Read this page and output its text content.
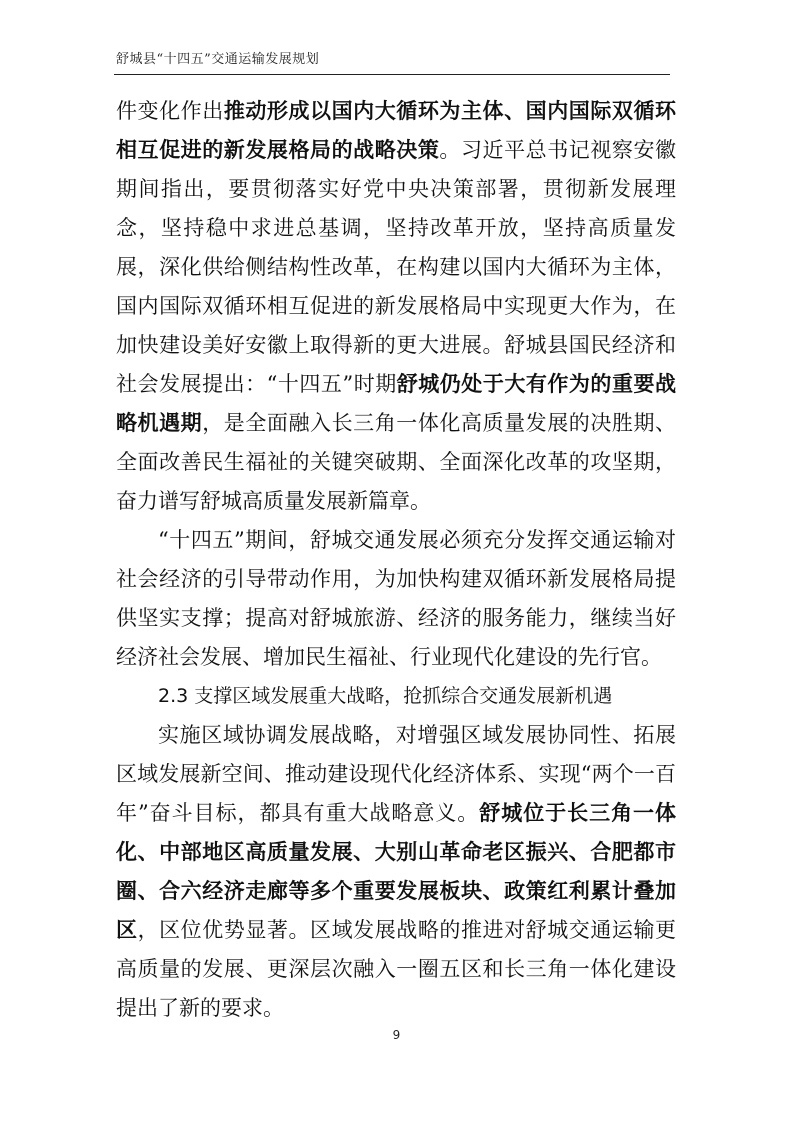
舒城县“十四五”交通运输发展规划

件变化作出推动形成以国内大循环为主体、国内国际双循环相互促进的新发展格局的战略决策。习近平总书记视察安徽期间指出，要贯彻落实好党中央决策部署，贯彻新发展理念，坚持稳中求进总基调，坚持改革开放，坚持高质量发展，深化供给侧结构性改革，在构建以国内大循环为主体，国内国际双循环相互促进的新发展格局中实现更大作为，在加快建设美好安徽上取得新的更大进展。舒城县国民经济和社会发展提出：“十四五”时期舒城仍处于大有作为的重要战略机遇期，是全面融入长三角一体化高质量发展的决胜期、全面改善民生福祉的关键突破期、全面深化改革的攻坚期，奋力谱写舒城高质量发展新篇章。

“十四五”期间，舒城交通发展必须充分发挥交通运输对社会经济的引导带动作用，为加快构建双循环新发展格局提供坚实支撑；提高对舒城旅游、经济的服务能力，继续当好经济社会发展、增加民生福祉、行业现代化建设的先行官。

2.3 支撑区域发展重大战略，抢抓综合交通发展新机遇

实施区域协调发展战略，对增强区域发展协同性、拓展区域发展新空间、推动建设现代化经济体系、实现“两个一百年”奋斗目标，都具有重大战略意义。舒城位于长三角一体化、中部地区高质量发展、大别山革命老区振兴、合肥都市圈、合六经济走廊等多个重要发展板块、政策红利累计叠加区，区位优势显著。区域发展战略的推进对舒城交通运输更高质量的发展、更深层次融入一圈五区和长三角一体化建设提出了新的要求。

9
